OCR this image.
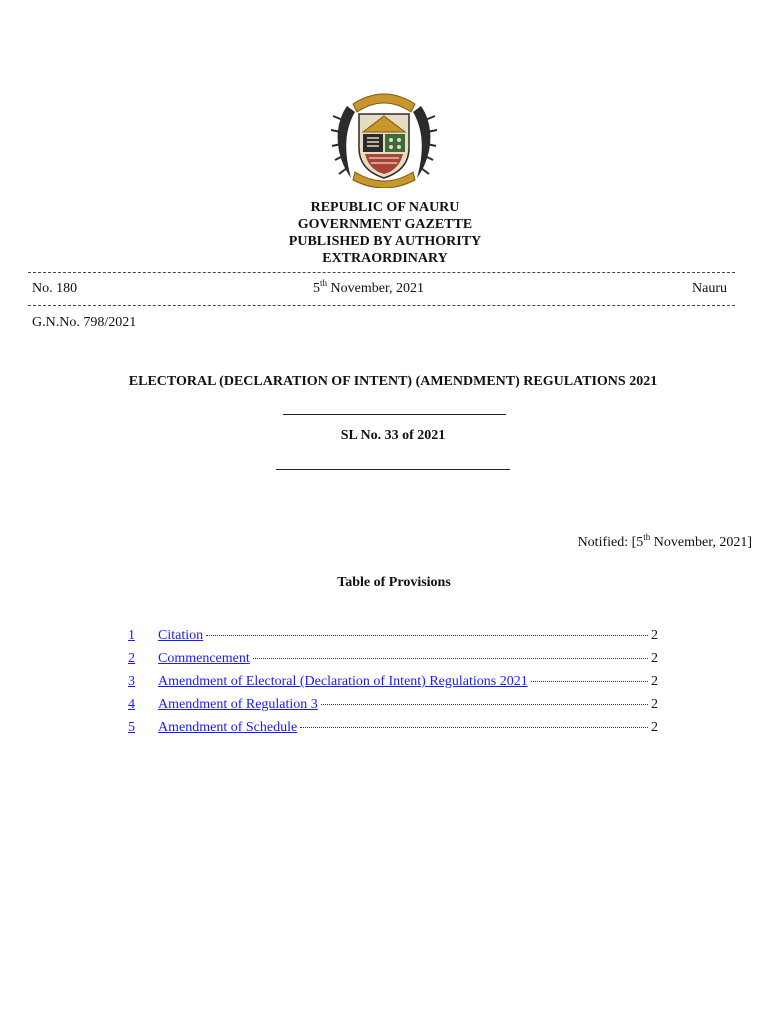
REPUBLIC OF NAURU
GOVERNMENT GAZETTE
PUBLISHED BY AUTHORITY
EXTRAORDINARY
No. 180	5th November, 2021	Nauru
G.N.No. 798/2021
ELECTORAL (DECLARATION OF INTENT) (AMENDMENT) REGULATIONS 2021
SL No. 33 of 2021
Notified: [5th November, 2021]
Table of Provisions
1 Citation	2
2 Commencement	2
3 Amendment of Electoral (Declaration of Intent) Regulations 2021	2
4 Amendment of Regulation 3	2
5 Amendment of Schedule	2
